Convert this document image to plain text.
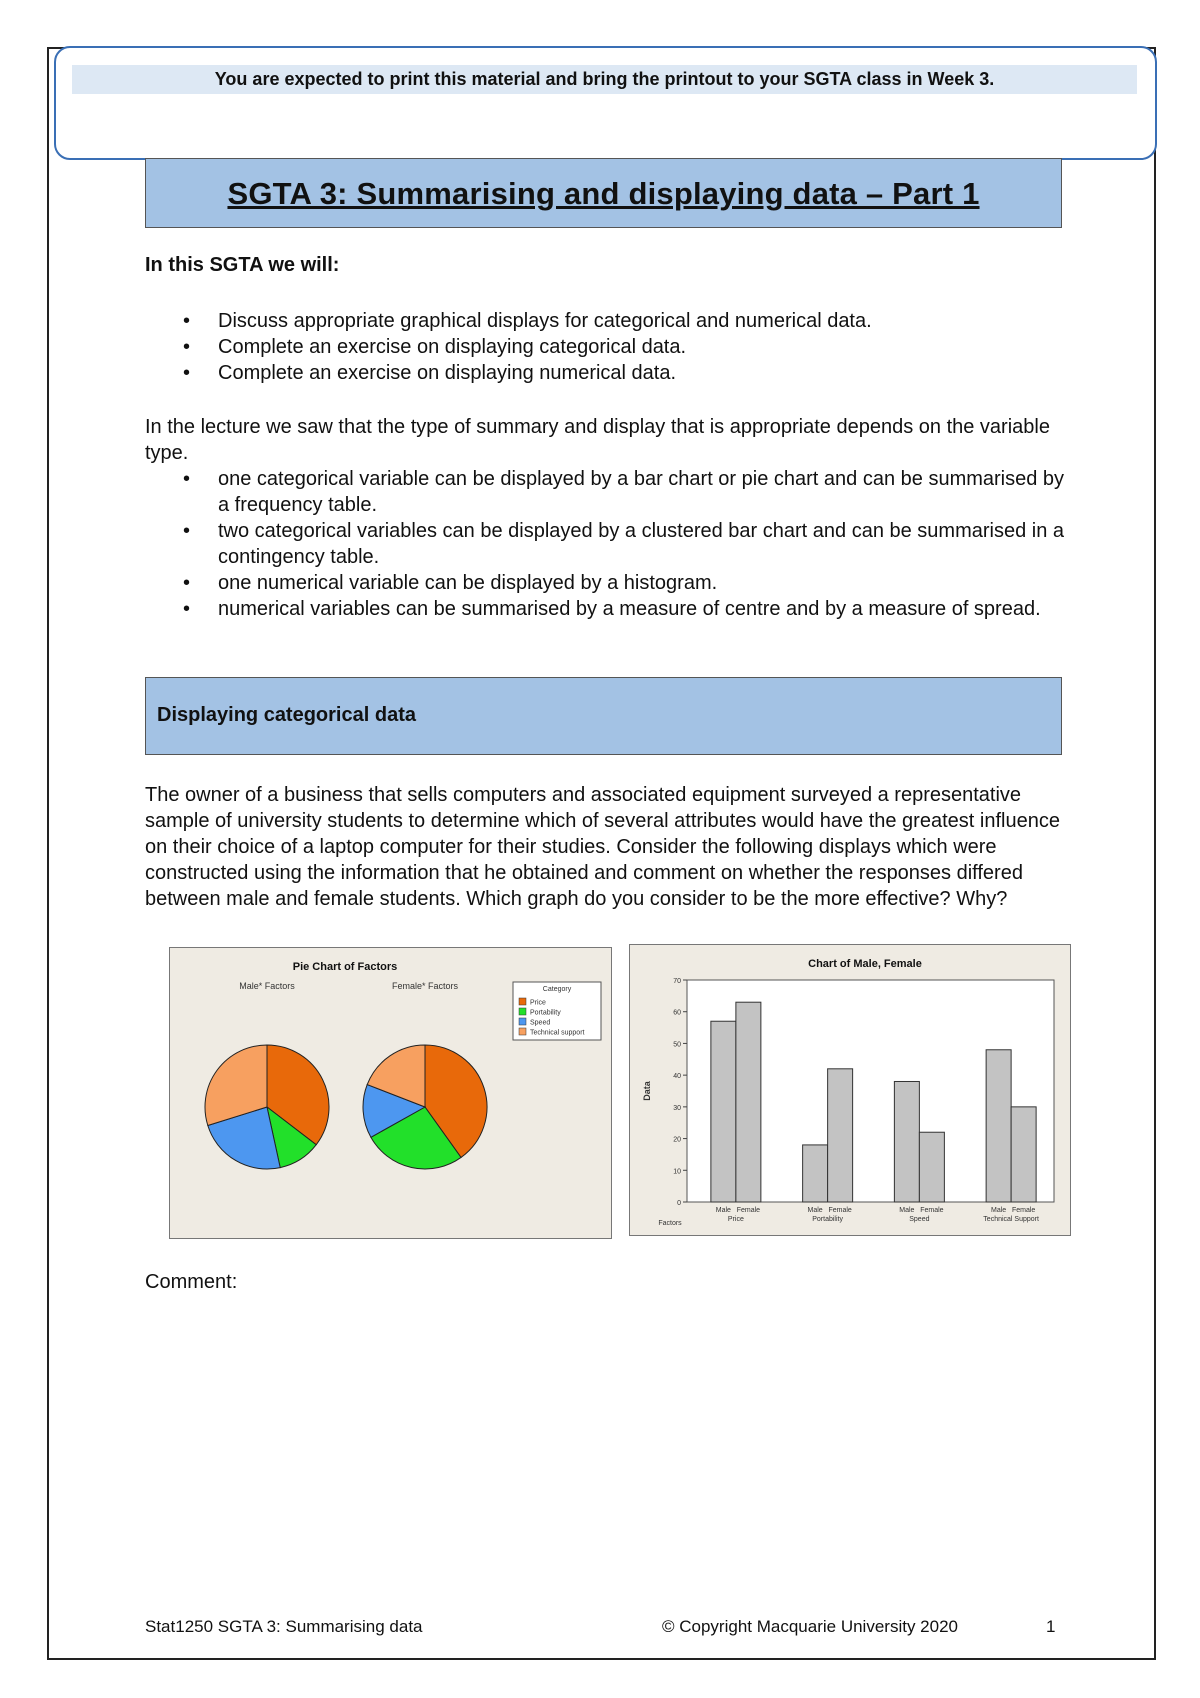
You are expected to print this material and bring the printout to your SGTA class in Week 3.
SGTA 3: Summarising and displaying data – Part 1
In this SGTA we will:
• Discuss appropriate graphical displays for categorical and numerical data.
• Complete an exercise on displaying categorical data.
• Complete an exercise on displaying numerical data.
In the lecture we saw that the type of summary and display that is appropriate depends on the variable type.
• one categorical variable can be displayed by a bar chart or pie chart and can be summarised by a frequency table.
• two categorical variables can be displayed by a clustered bar chart and can be summarised in a contingency table.
• one numerical variable can be displayed by a histogram.
• numerical variables can be summarised by a measure of centre and by a measure of spread.
Displaying categorical data
The owner of a business that sells computers and associated equipment surveyed a representative sample of university students to determine which of several attributes would have the greatest influence on their choice of a laptop computer for their studies. Consider the following displays which were constructed using the information that he obtained and comment on whether the responses differed between male and female students. Which graph do you consider to be the more effective? Why?
Pie Chart of Factors
Male* Factors	Female* Factors	Category
Price
Portability
Speed
Technical support
Chart of Male, Female
Data
Factors
0
10
20
30
40
50
60
70
Male Female
Price
Male Female
Portability
Male Female
Speed
Male Female
Technical Support
Comment:
Stat1250 SGTA 3: Summarising data	© Copyright Macquarie University 2020	1
